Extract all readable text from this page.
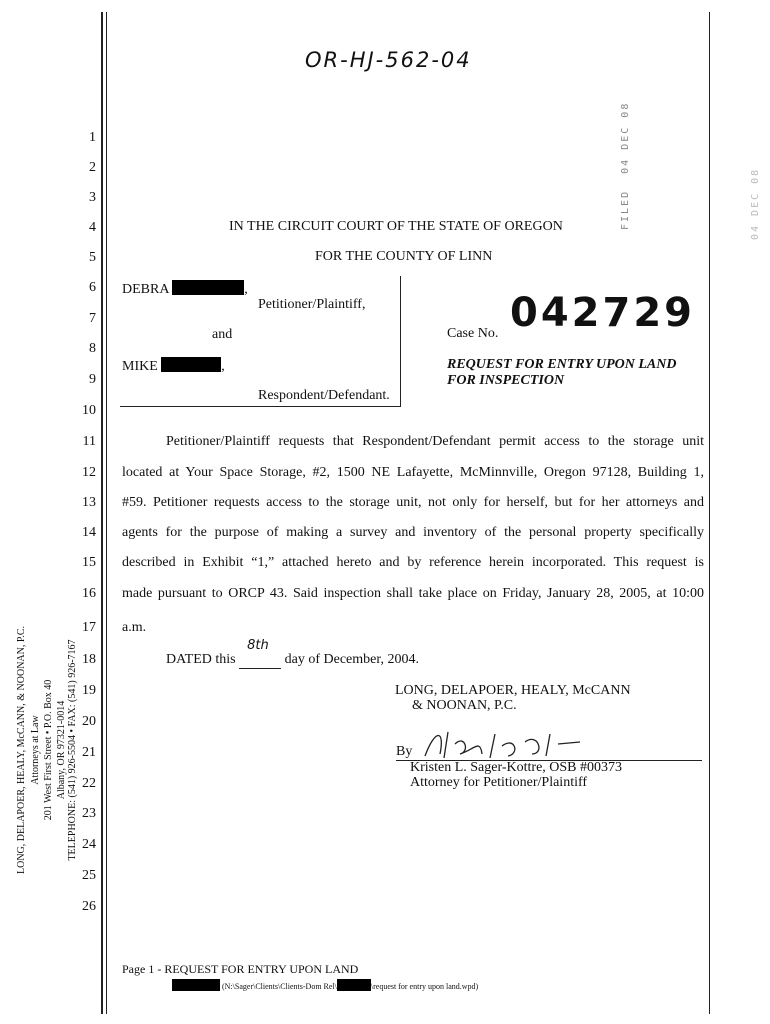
OR-HJ-562-04
FILED  04 DEC 08
04 DEC 08
1
2
3
4
5
6
7
8
9
10
11
12
13
14
15
16
17
18
19
20
21
22
23
24
25
26
IN THE CIRCUIT COURT OF THE STATE OF OREGON
FOR THE COUNTY OF LINN
DEBRA	,
Petitioner/Plaintiff,
and
MIKE	,
Respondent/Defendant.
Case No. 042729
REQUEST FOR ENTRY UPON LAND
FOR INSPECTION
Petitioner/Plaintiff requests that Respondent/Defendant permit access to the storage unit
located at Your Space Storage, #2, 1500 NE Lafayette, McMinnville, Oregon 97128, Building 1,
#59. Petitioner requests access to the storage unit, not only for herself, but for her attorneys and
agents for the purpose of making a survey and inventory of the personal property specifically
described in Exhibit “1,” attached hereto and by reference herein incorporated. This request is
made pursuant to ORCP 43. Said inspection shall take place on Friday, January 28, 2005, at 10:00
a.m.
DATED this
8th
day of December, 2004.
LONG, DELAPOER, HEALY, McCANN
& NOONAN, P.C.
By
Kristen L. Sager-Kottre, OSB #00373
Attorney for Petitioner/Plaintiff
LONG, DELAPOER, HEALY, McCANN, & NOONAN, P.C. Attorneys at Law 201 West First Street • P.O. Box 40 Albany, OR 97321-0014 TELEPHONE: (541) 926-5504 • FAX: (541) 926-7167
Page 1 - REQUEST FOR ENTRY UPON LAND
(N:\Sager\Clients\Clients-Dom Rel\	\request for entry upon land.wpd)
